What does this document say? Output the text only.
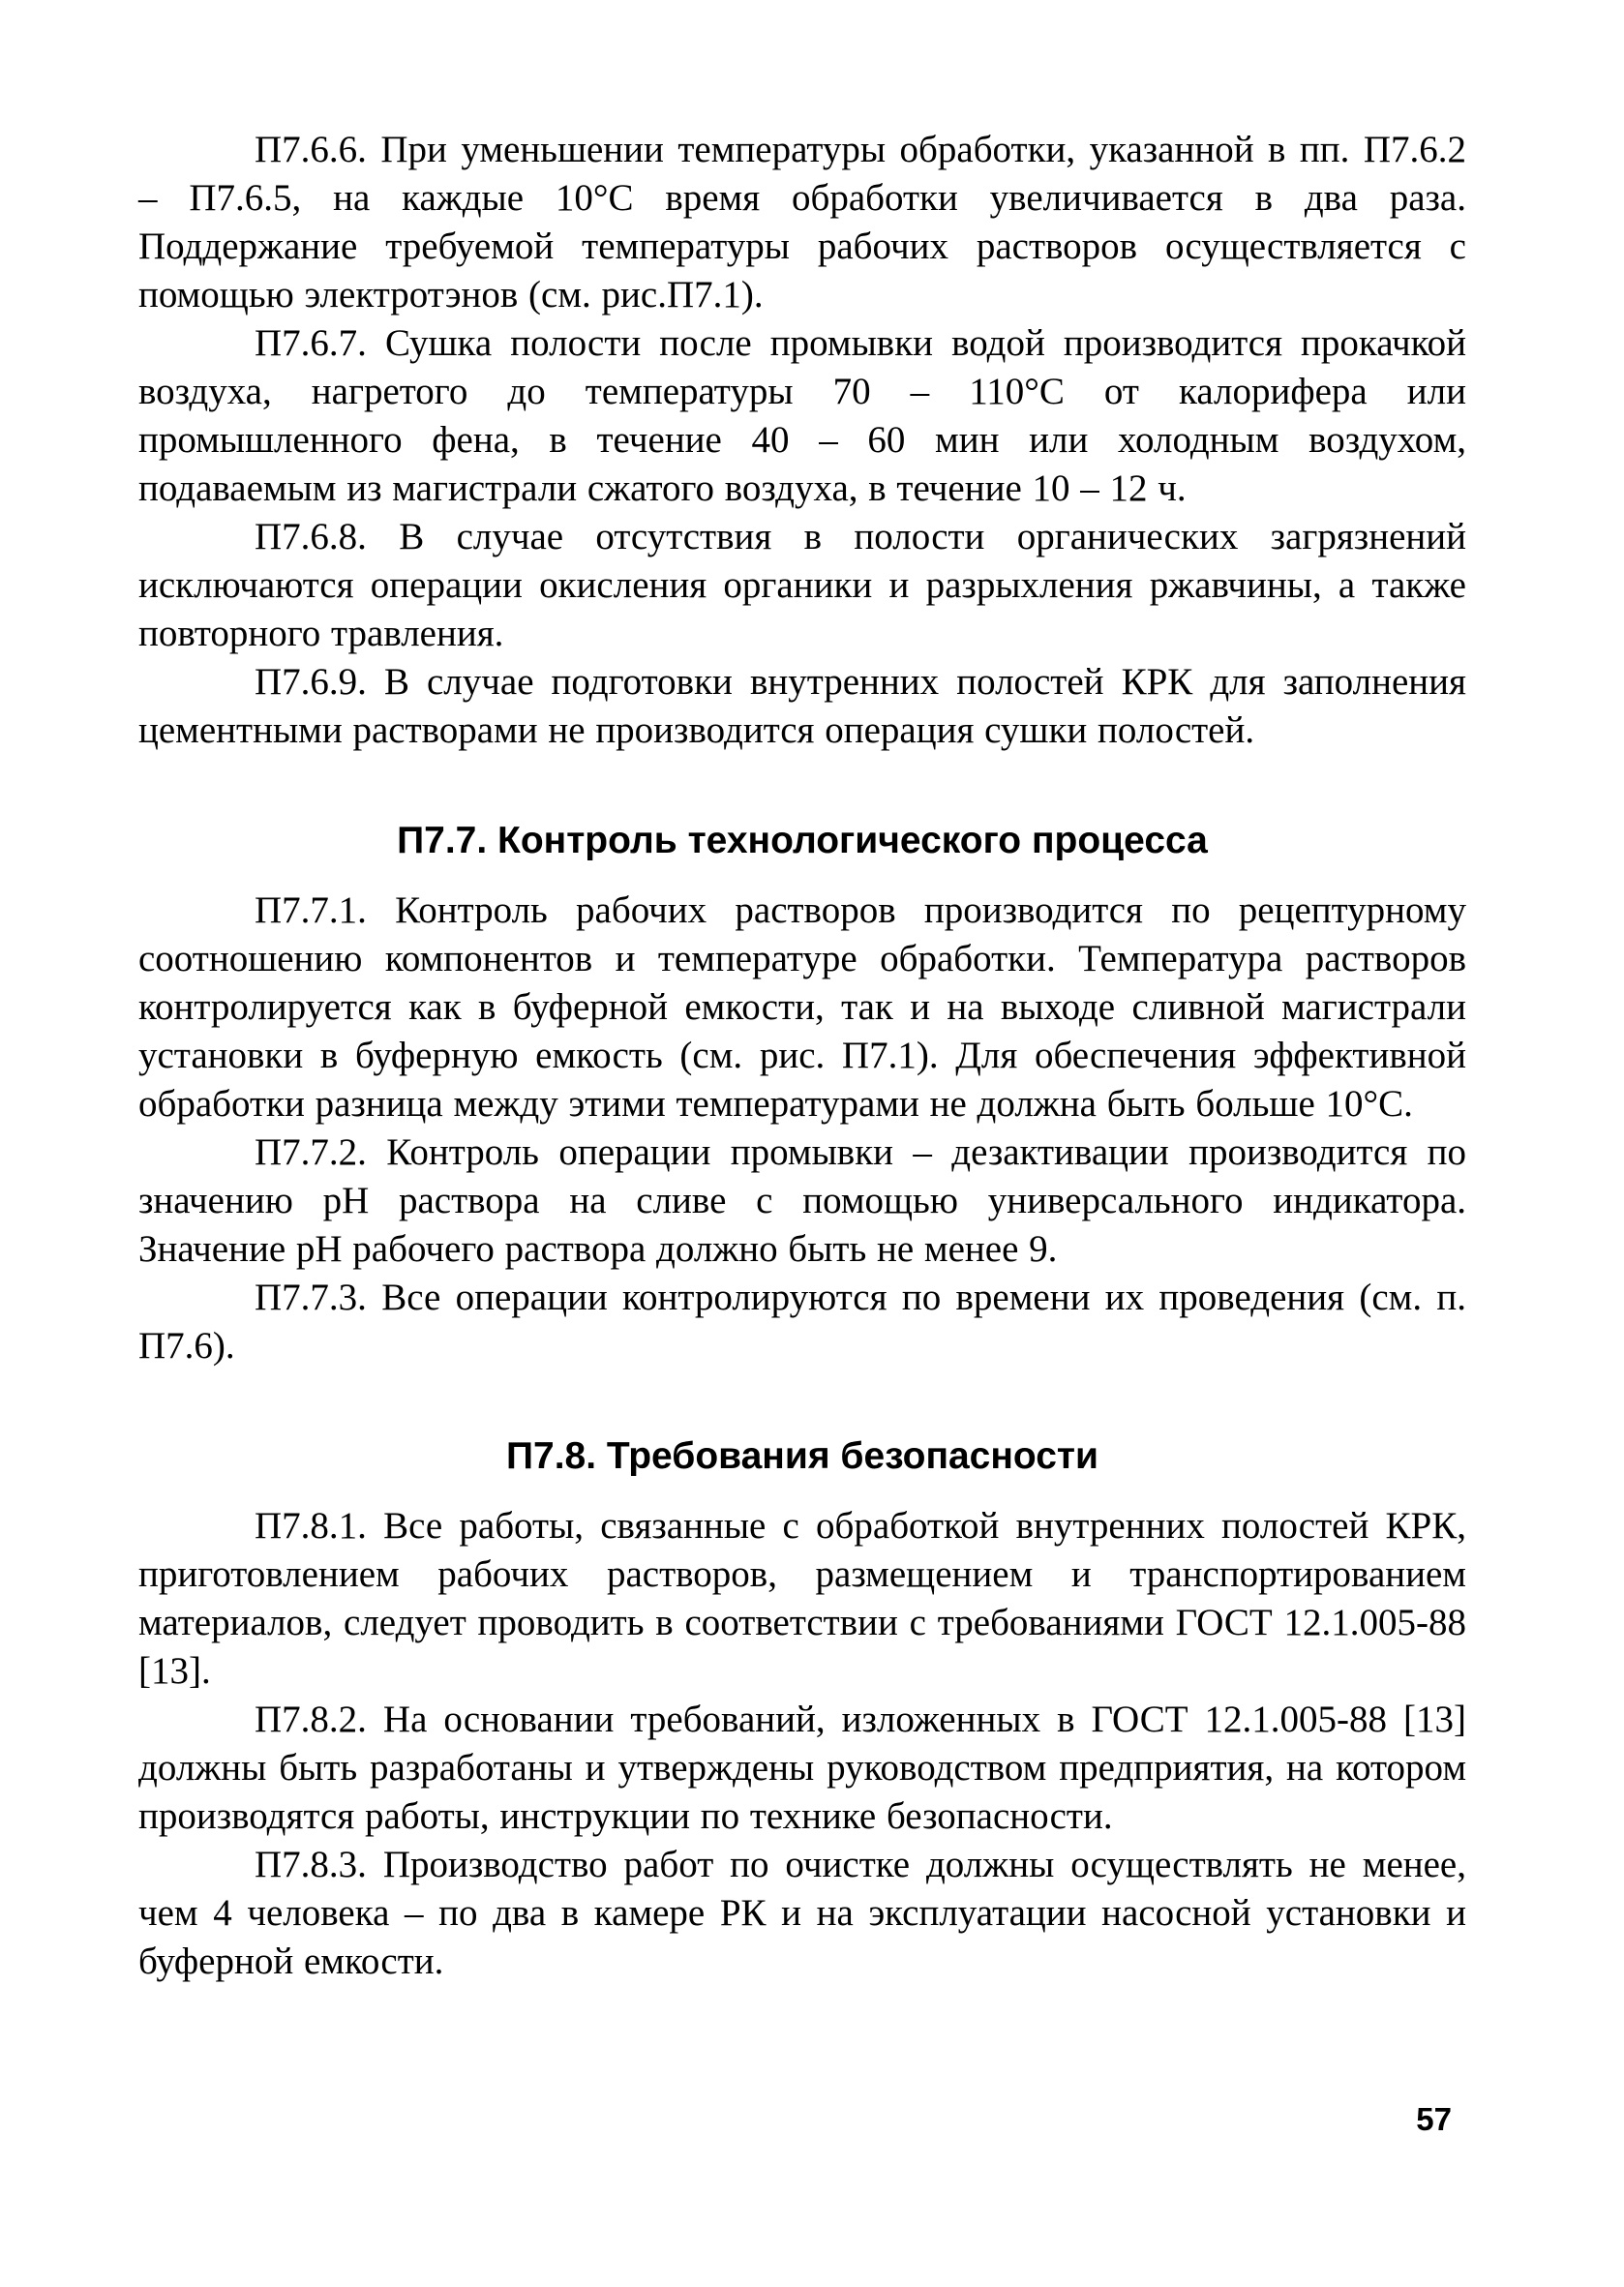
П7.6.6. При уменьшении температуры обработки, указанной в пп. П7.6.2 – П7.6.5, на каждые 10°С время обработки увеличивается в два раза. Поддержание требуемой температуры рабочих растворов осуществляется с помощью электротэнов (см. рис.П7.1).

П7.6.7. Сушка полости после промывки водой производится прокачкой воздуха, нагретого до температуры 70 – 110°С от калорифера или промышленного фена, в течение 40 – 60 мин или холодным воздухом, подаваемым из магистрали сжатого воздуха, в течение 10 – 12 ч.

П7.6.8. В случае отсутствия в полости органических загрязнений исключаются операции окисления органики и разрыхления ржавчины, а также повторного травления.

П7.6.9. В случае подготовки внутренних полостей КРК для заполнения цементными растворами не производится операция сушки полостей.

П7.7. Контроль технологического процесса

П7.7.1. Контроль рабочих растворов производится по рецептурному соотношению компонентов и температуре обработки. Температура растворов контролируется как в буферной емкости, так и на выходе сливной магистрали установки в буферную емкость (см. рис. П7.1). Для обеспечения эффективной обработки разница между этими температурами не должна быть больше 10°С.

П7.7.2. Контроль операции промывки – дезактивации производится по значению рН раствора на сливе с помощью универсального индикатора. Значение рН рабочего раствора должно быть не менее 9.

П7.7.3. Все операции контролируются по времени их проведения (см. п. П7.6).

П7.8. Требования безопасности

П7.8.1. Все работы, связанные с обработкой внутренних полостей КРК, приготовлением рабочих растворов, размещением и транспортированием материалов, следует проводить в соответствии с требованиями ГОСТ 12.1.005-88 [13].

П7.8.2. На основании требований, изложенных в ГОСТ 12.1.005-88 [13] должны быть разработаны и утверждены руководством предприятия, на котором производятся работы, инструкции по технике безопасности.

П7.8.3. Производство работ по очистке должны осуществлять не менее, чем 4 человека – по два в камере РК и на эксплуатации насосной установки и буферной емкости.

57
